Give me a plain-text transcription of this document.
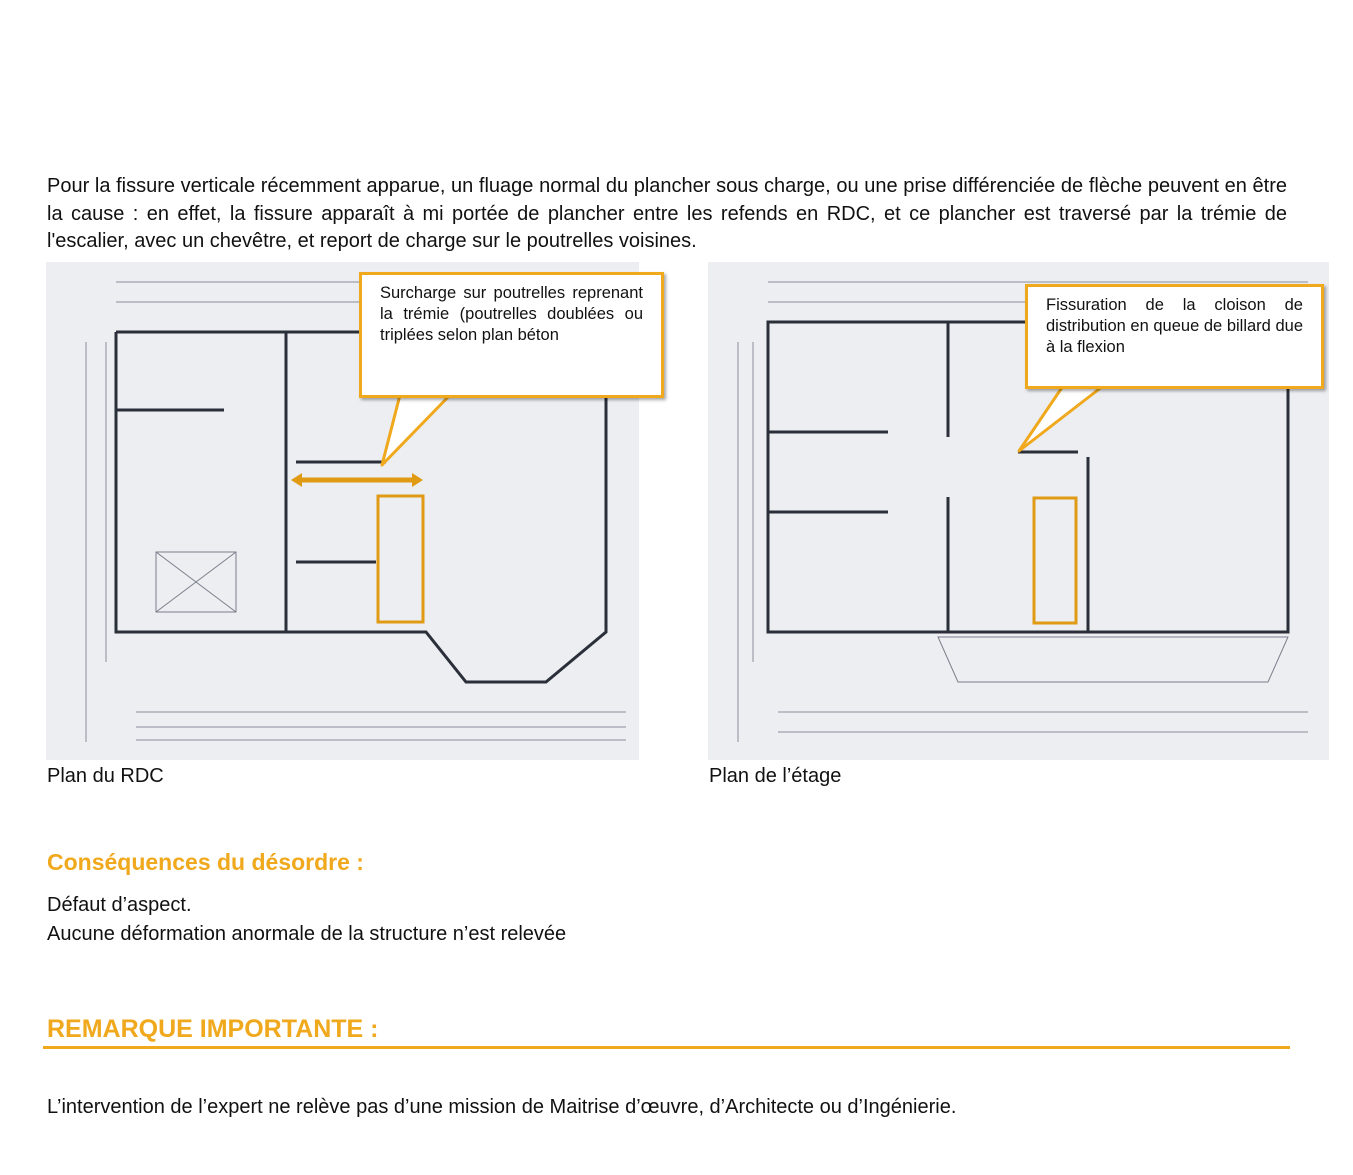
Pour la fissure verticale récemment apparue, un fluage normal du plancher sous charge, ou une prise différenciée de flèche peuvent en être la cause : en effet, la fissure apparaît à mi portée de plancher entre les refends en RDC, et ce plancher est traversé par la trémie de l'escalier, avec un chevêtre, et report de charge sur le poutrelles voisines.

Plan du RDC
Surcharge sur poutrelles reprenant la trémie (poutrelles doublées ou triplées selon plan béton
Plan de l’étage
Fissuration de la cloison de distribution en queue de billard due à la flexion
Conséquences du désordre :
Défaut d’aspect.
Aucune déformation anormale de la structure n’est relevée
REMARQUE IMPORTANTE :
L’intervention de l’expert ne relève pas d’une mission de Maitrise d’œuvre, d’Architecte ou d’Ingénierie.
